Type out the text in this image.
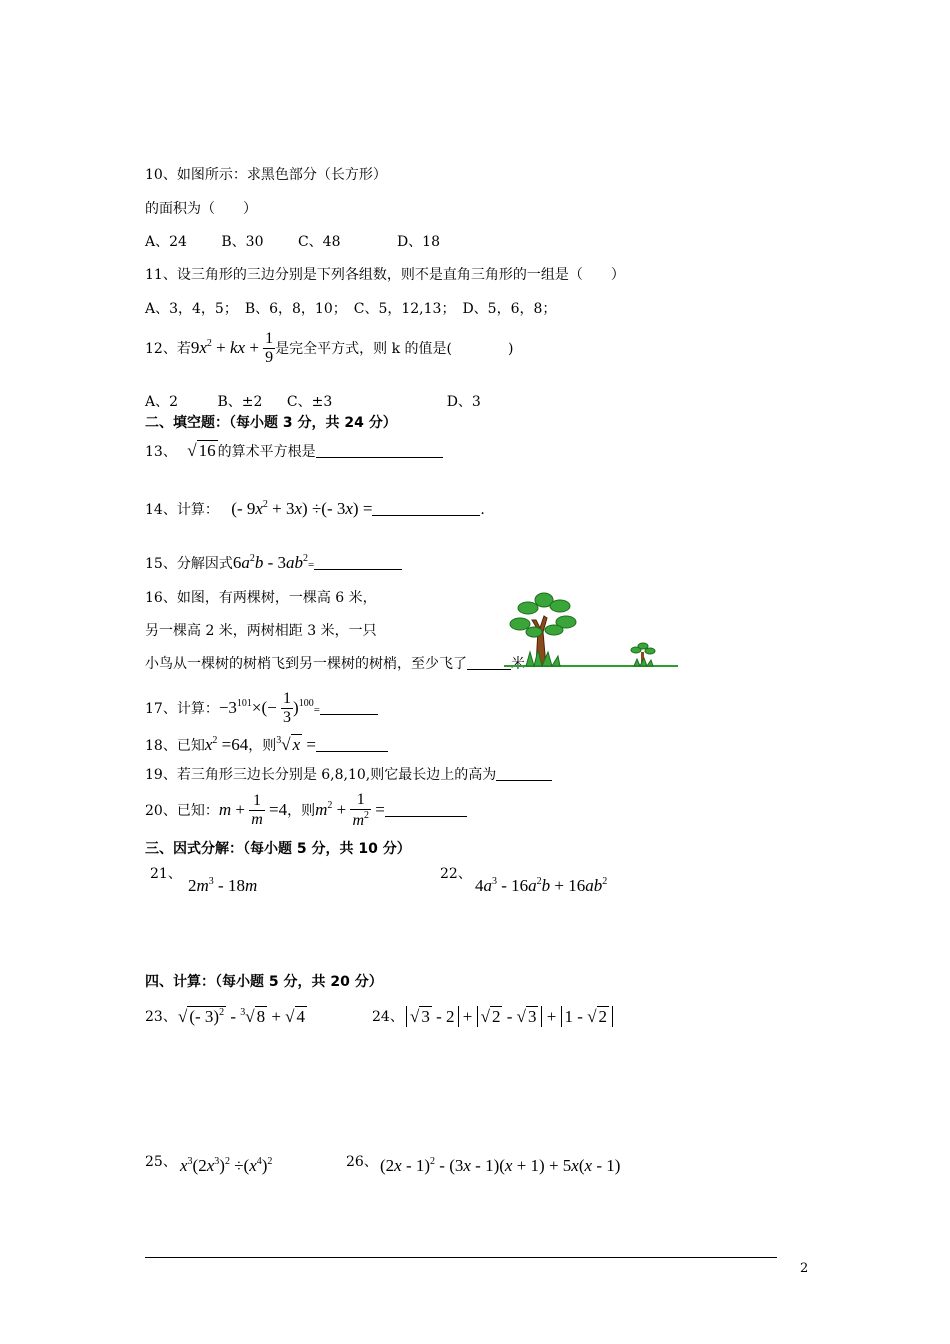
10、如图所示：求黑色部分（长方形）
的面积为（　　）
A、24 B、30 C、48	D、18
11、设三角形的三边分别是下列各组数，则不是直角三角形的一组是（　　）
A、3，4，5；　B、6，8，10；　C、5，12,13；　D、5，6，8；
12、若$9x^2$ + kx + $\frac{1}{9}$ 是完全平方式，则 k 的值是(　　　　)
A、2	B、±2 C、±3	D、3
二、填空题：（每小题 3 分，共 24 分）
13、 √ 16 的算术平方根是
14、计算： (- $9x^2 + 3x$) ÷(- 3x) =	.
15、分解因式$6a^2b - 3ab^2=$
16、如图，有两棵树，一棵高 6 米，
另一棵高 2 米，两树相距 3 米，一只
小鸟从一棵树的树梢飞到另一棵树的树梢，至少飞了	米
17、计算：$-3^{101}\times(- \frac{1}{3} )^{100}=$
18、已知$x^2 =64$，则$^3$√ x =
19、若三角形三边长分别是 6,8,10,则它最长边上的高为
20、已知：$m + \frac{1}{m} =4$，则$m^2 + \frac{1}{m^2}$ =
三、因式分解：（每小题 5 分，共 10 分）
21、
$2m^3 - 18m$
22、
$4a^3 - 16a^2b + 16ab^2$
四、计算：（每小题 5 分，共 20 分）
23、 √ (- 3)$^2$ - $^3$√ 8 + √ 4	24、 √ 3 - 2 + √ 2 - √ 3 + 1 - √ 2
25、 $x^3(2x^3)^2 \div(x^4)^2$	26、 (2x - 1)$^2$ - (3x - 1)(x + 1) + 5x(x - 1)
2
